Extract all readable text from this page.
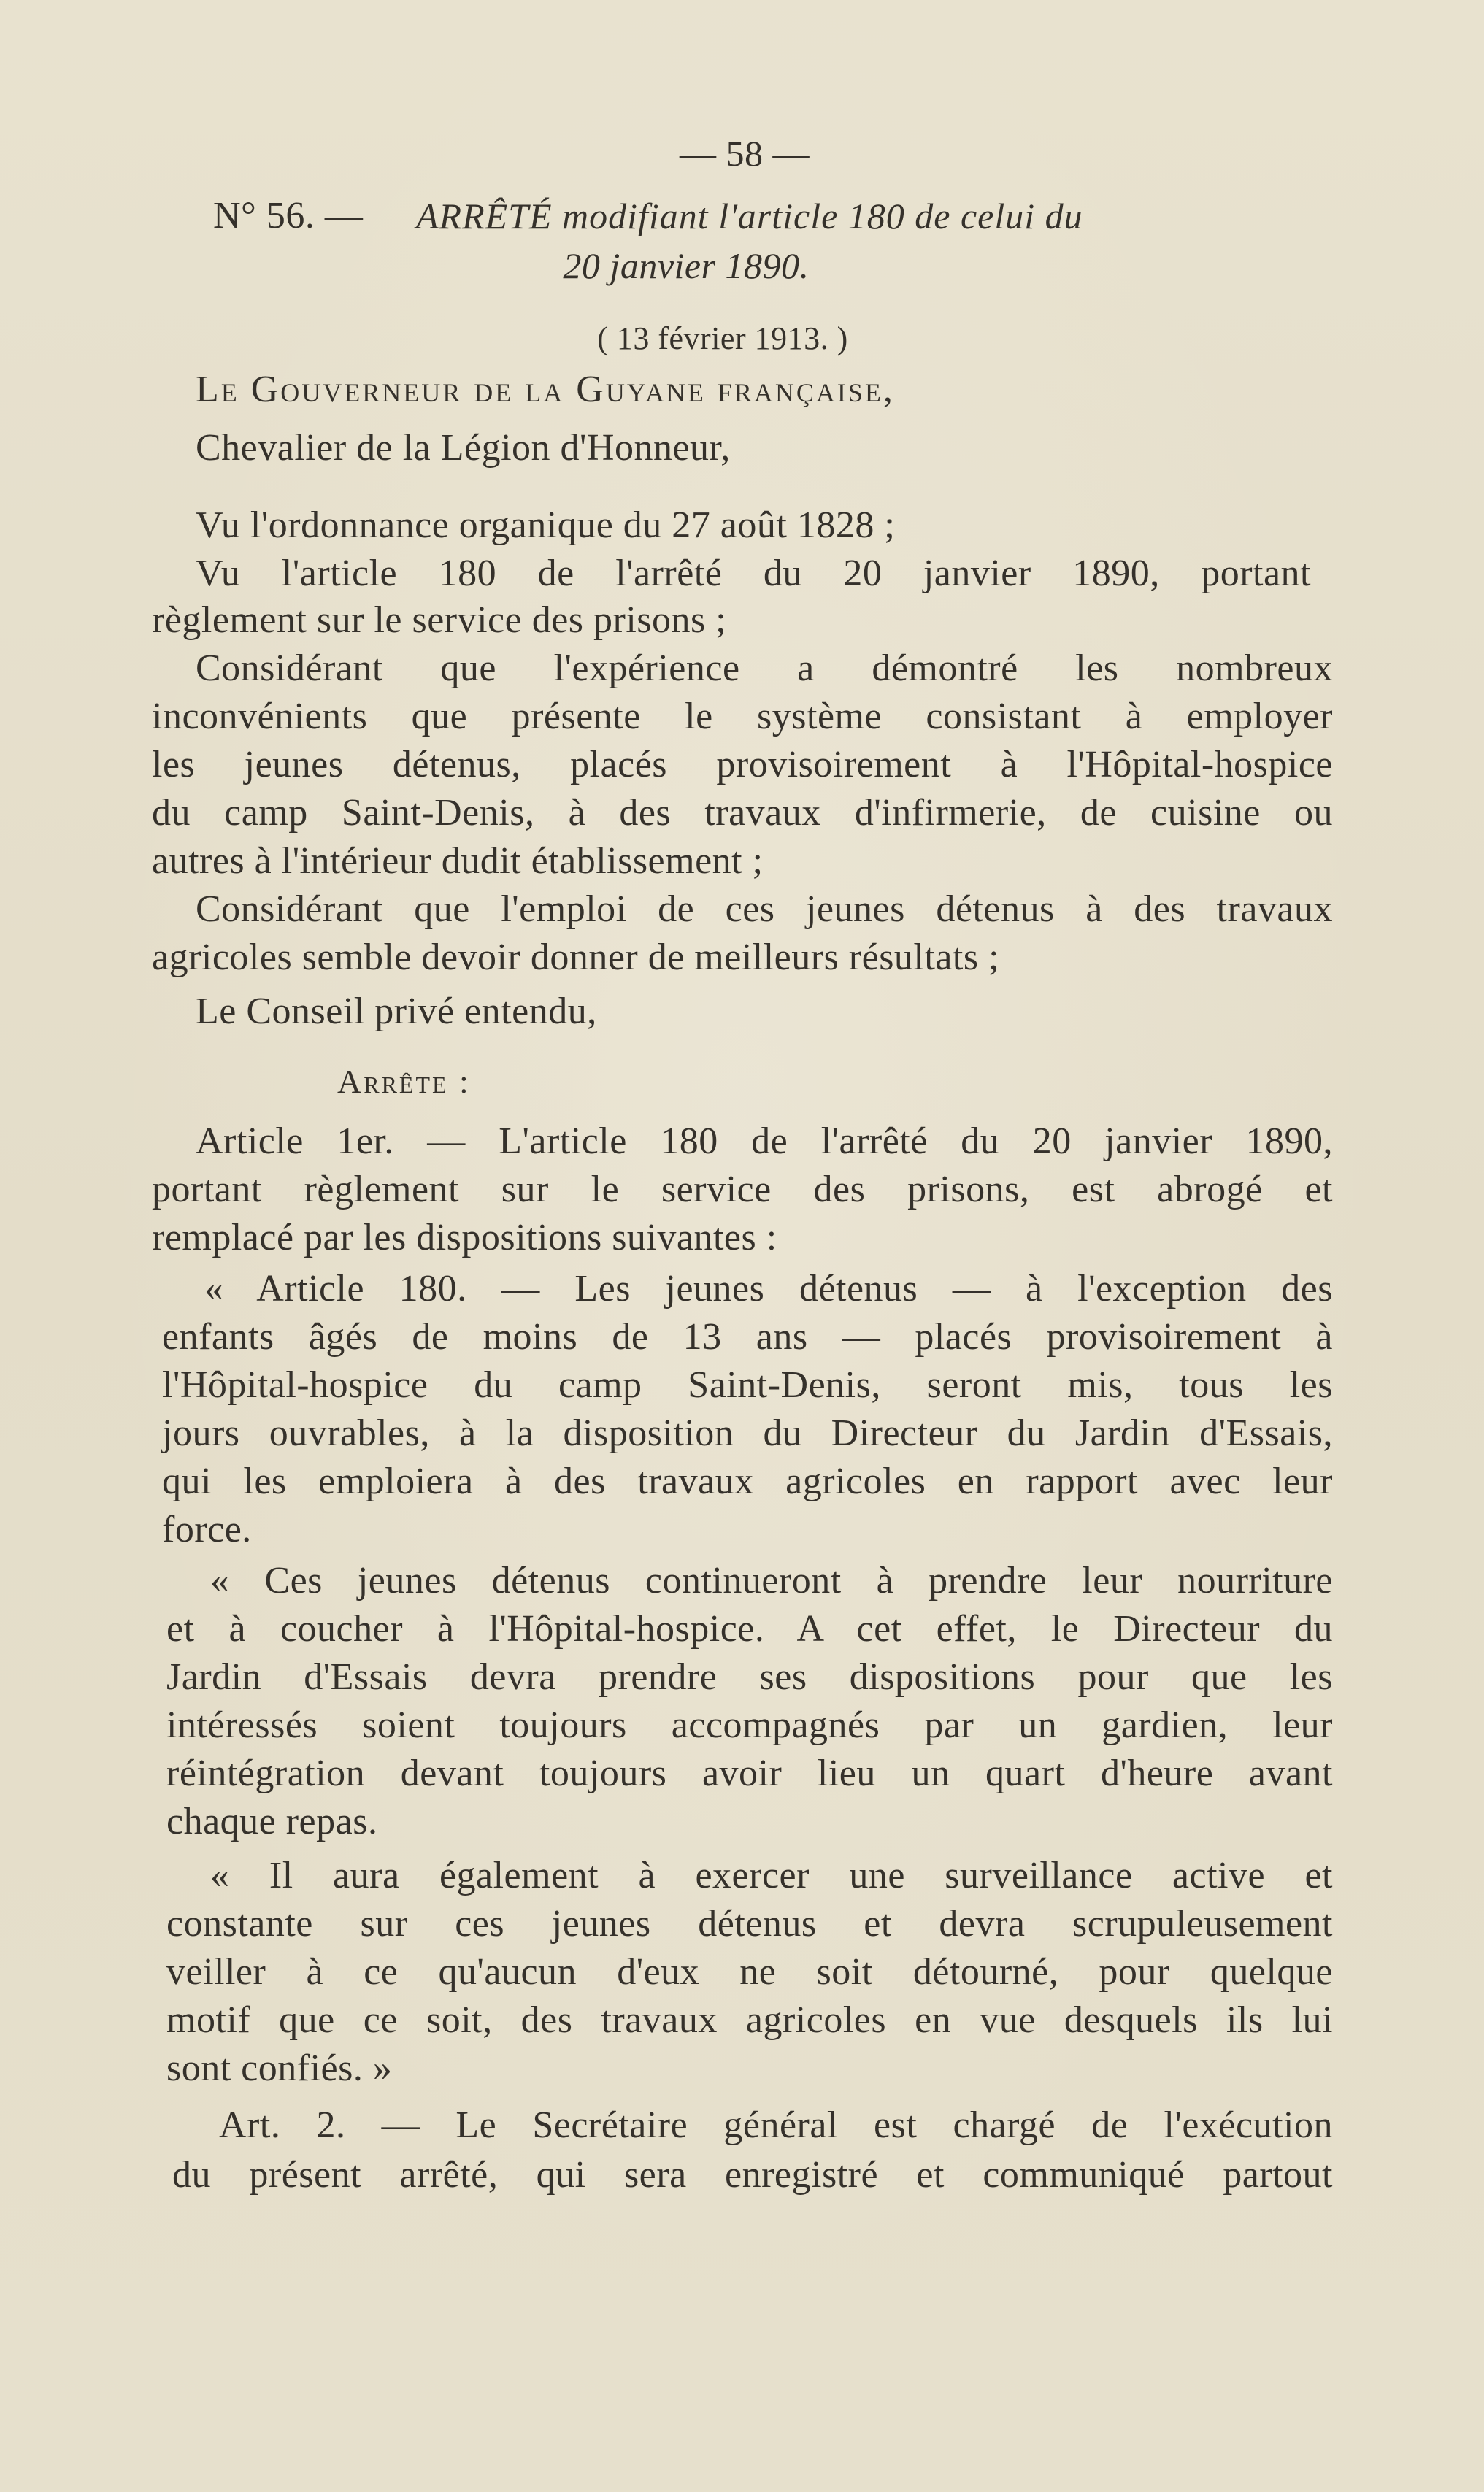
— 58 —
N° 56. —	ARRÊTÉ modifiant l'article 180 de celui du
20 janvier 1890.
( 13 février 1913. )
Le Gouverneur de la Guyane française,
Chevalier de la Légion d'Honneur,
Vu l'ordonnance organique du 27 août 1828 ;
Vu l'article 180 de l'arrêté du 20 janvier 1890, portant
règlement sur le service des prisons ;
Considérant que l'expérience a démontré les nombreux
inconvénients que présente le système consistant à employer
les jeunes détenus, placés provisoirement à l'Hôpital-hospice
du camp Saint-Denis, à des travaux d'infirmerie, de cuisine ou
autres à l'intérieur dudit établissement ;
Considérant que l'emploi de ces jeunes détenus à des travaux
agricoles semble devoir donner de meilleurs résultats ;
Le Conseil privé entendu,
Arrête :
Article 1er. — L'article 180 de l'arrêté du 20 janvier 1890,
portant règlement sur le service des prisons, est abrogé et
remplacé par les dispositions suivantes :
« Article 180. — Les jeunes détenus — à l'exception des
enfants âgés de moins de 13 ans — placés provisoirement à
l'Hôpital-hospice du camp Saint-Denis, seront mis, tous les
jours ouvrables, à la disposition du Directeur du Jardin d'Essais,
qui les emploiera à des travaux agricoles en rapport avec leur
force.
« Ces jeunes détenus continueront à prendre leur nourriture
et à coucher à l'Hôpital-hospice. A cet effet, le Directeur du
Jardin d'Essais devra prendre ses dispositions pour que les
intéressés soient toujours accompagnés par un gardien, leur
réintégration devant toujours avoir lieu un quart d'heure avant
chaque repas.
« Il aura également à exercer une surveillance active et
constante sur ces jeunes détenus et devra scrupuleusement
veiller à ce qu'aucun d'eux ne soit détourné, pour quelque
motif que ce soit, des travaux agricoles en vue desquels ils lui
sont confiés. »
Art. 2. — Le Secrétaire général est chargé de l'exécution
du présent arrêté, qui sera enregistré et communiqué partout
